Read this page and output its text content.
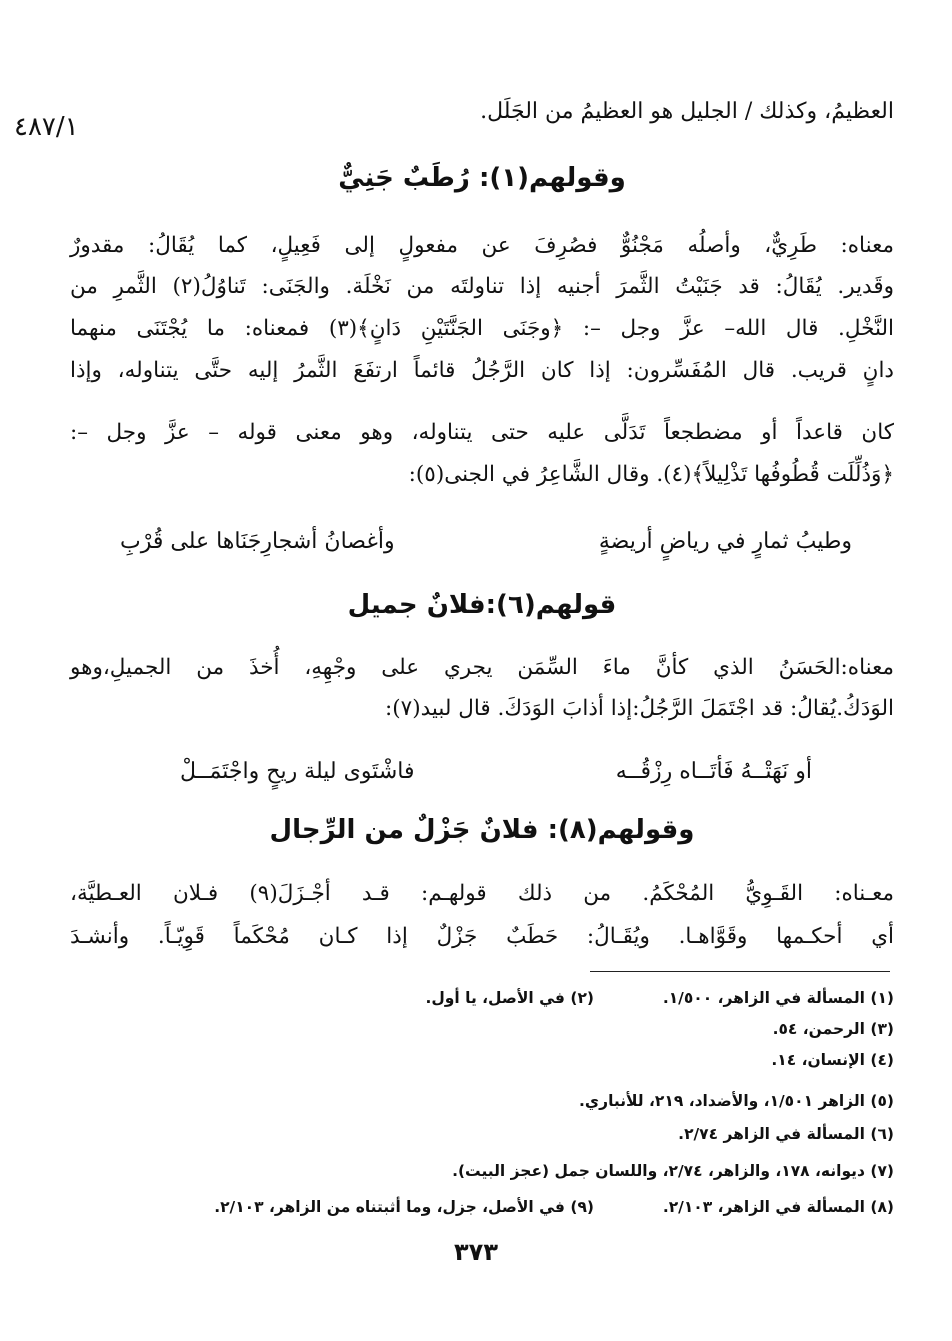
٤٨٧/١
العظيمُ، وكذلك / الجليل هو العظيمُ من الجَلَل.
وقولهم(١): رُطَبٌ جَنِيٌّ
معناه: طَرِيٌّ، وأصلُه مَجْنُوٌّ فصُرِفَ عن مفعولٍ إلى فَعِيلٍ، كما يُقَالُ: مقدورٌ
وقَدير. يُقَالُ: قد جَنَيْتُ الثَّمرَ أجنيه إذا تناولتَه من نَخْلَة. والجَنَى: تَناوُلُ(٢) الثَّمرِ من
النَّخْلِ. قال الله– عزَّ وجل –: ﴿وجَنَى الجَنَّتَيْنِ دَانٍ﴾(٣) فمعناه: ما يُجْتَنَى منهما
دانٍ قريب. قال المُفَسِّرون: إذا كان الرَّجُلُ قائماً ارتفَعَ الثَّمرُ إليه حتَّى يتناوله، وإذا
كان قاعداً أو مضطجعاً تَدَلَّى عليه حتى يتناوله، وهو معنى قوله – عزَّ وجل –:
﴿وَذُلِّلَت قُطُوفُها تَذْلِيلاً﴾(٤). وقال الشَّاعِرُ في الجنى(٥):
وطيبُ ثمارٍ في رياضٍ أريضةٍ
وأغصانُ أشجارِجَنَاها على قُرْبِ
قولهم(٦):فلانٌ جميل
معناه:الحَسَنُ الذي كأنَّ ماءَ السِّمَن يجري على وجْهِهِ، أُخذَ من الجميلِ،وهو
الوَدَكُ.يُقالُ: قد اجْتَمَلَ الرَّجُلُ:إذا أذابَ الوَدَكَ. قال لبيد(٧):
أو نَهَتْــهُ فَأتَــاه رِزْقُــه
فاشْتَوى ليلة ريحٍ واجْتَمَــلْ
وقولهم(٨): فلانٌ جَزْلٌ من الرِّجال
معـناه: القَـوِيُّ المُحْكَمُ. من ذلك قولهـم: قـد أجْـزَلَ(٩) فـلان العـطيَّة،
أي أحكـمها وقَوَّاهـا. ويُقَـالُ: حَطَبٌ جَزْلٌ إذا كـان مُحْكَماً قَوِيّـاً. وأنشـدَ
(١) المسألة في الزاهر، ١/٥٠٠.(٢) في الأصل، يا أول.
(٣) الرحمن، ٥٤.
(٤) الإنسان، ١٤.
(٥) الزاهر ١/٥٠١، والأضداد، ٢١٩، للأنباري.
(٦) المسألة في الزاهر ٢/٧٤.
(٧) ديوانه، ١٧٨، والزاهر، ٢/٧٤، واللسان جمل (عجز البيت).
(٨) المسألة في الزاهر، ٢/١٠٣.(٩) في الأصل، جزل، وما أثبتناه من الزاهر، ٢/١٠٣.
٣٧٣
